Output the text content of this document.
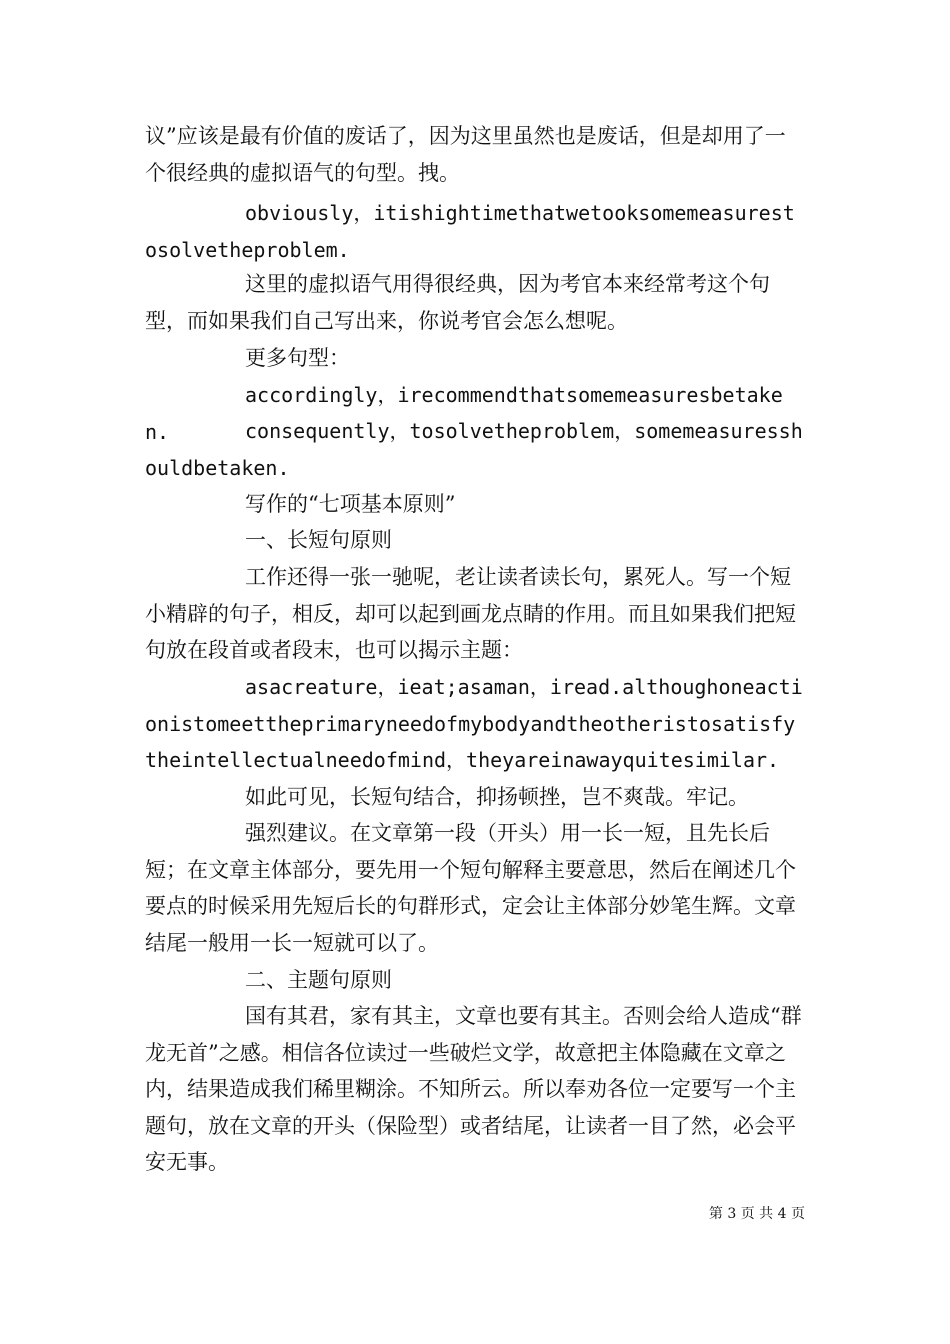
议”应该是最有价值的废话了，因为这里虽然也是废话，但是却用了一个很经典的虚拟语气的句型。拽。

obviously，itishightimethatwetooksomemeasurestosolvetheproblem.

这里的虚拟语气用得很经典，因为考官本来经常考这个句型，而如果我们自己写出来，你说考官会怎么想呢。

更多句型：

accordingly，irecommendthatsomemeasuresbetaken.	consequently，tosolvetheproblem，somemeasuresshouldbetaken.

写作的“七项基本原则”

一、长短句原则

工作还得一张一驰呢，老让读者读长句，累死人。写一个短小精辟的句子，相反，却可以起到画龙点睛的作用。而且如果我们把短句放在段首或者段末，也可以揭示主题：

asacreature，ieat;asaman，iread.althoughoneactionistomeettheprimaryneedofmybodyandtheotheristosatisfytheintellectualneedofmind，theyareinawayquitesimilar.

如此可见，长短句结合，抑扬顿挫，岂不爽哉。牢记。

强烈建议。在文章第一段（开头）用一长一短，且先长后短；在文章主体部分，要先用一个短句解释主要意思，然后在阐述几个要点的时候采用先短后长的句群形式，定会让主体部分妙笔生辉。文章结尾一般用一长一短就可以了。

二、主题句原则

国有其君，家有其主，文章也要有其主。否则会给人造成“群龙无首”之感。相信各位读过一些破烂文学，故意把主体隐藏在文章之内，结果造成我们稀里糊涂。不知所云。所以奉劝各位一定要写一个主题句，放在文章的开头（保险型）或者结尾，让读者一目了然，必会平安无事。

第 3 页 共 4 页
